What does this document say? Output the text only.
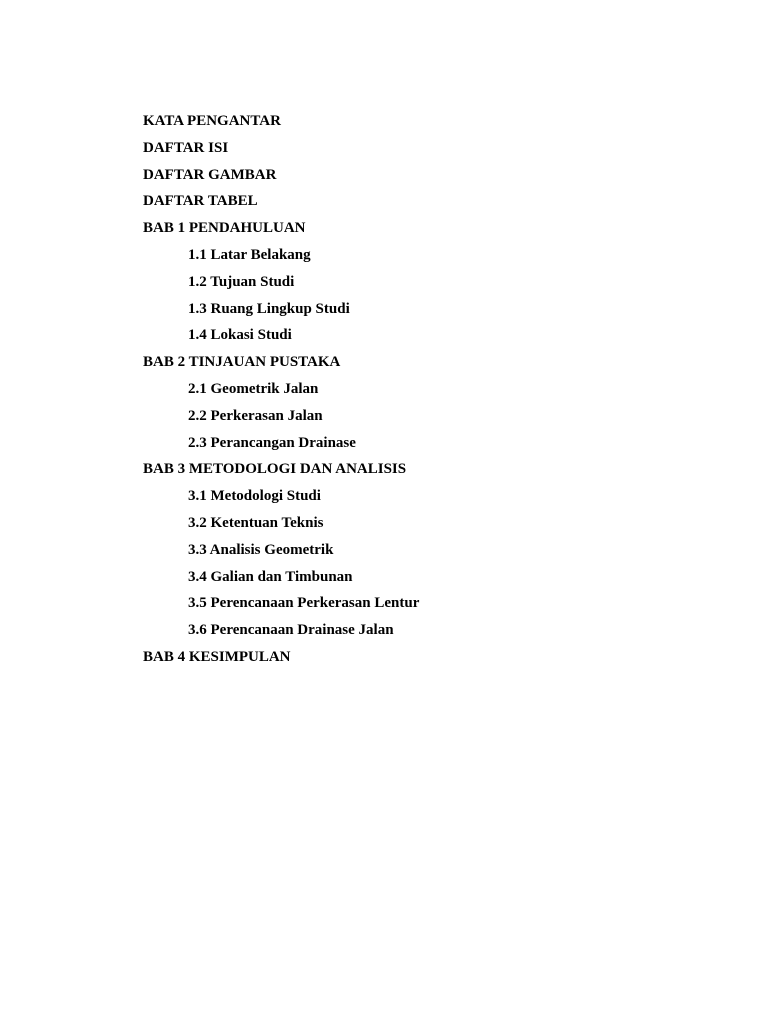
KATA PENGANTAR
DAFTAR ISI
DAFTAR GAMBAR
DAFTAR TABEL
BAB 1 PENDAHULUAN
1.1 Latar Belakang
1.2 Tujuan Studi
1.3 Ruang Lingkup Studi
1.4 Lokasi Studi
BAB 2 TINJAUAN PUSTAKA
2.1 Geometrik Jalan
2.2 Perkerasan Jalan
2.3 Perancangan Drainase
BAB 3 METODOLOGI DAN ANALISIS
3.1 Metodologi Studi
3.2 Ketentuan Teknis
3.3 Analisis Geometrik
3.4 Galian dan Timbunan
3.5 Perencanaan Perkerasan Lentur
3.6 Perencanaan Drainase Jalan
BAB 4 KESIMPULAN
